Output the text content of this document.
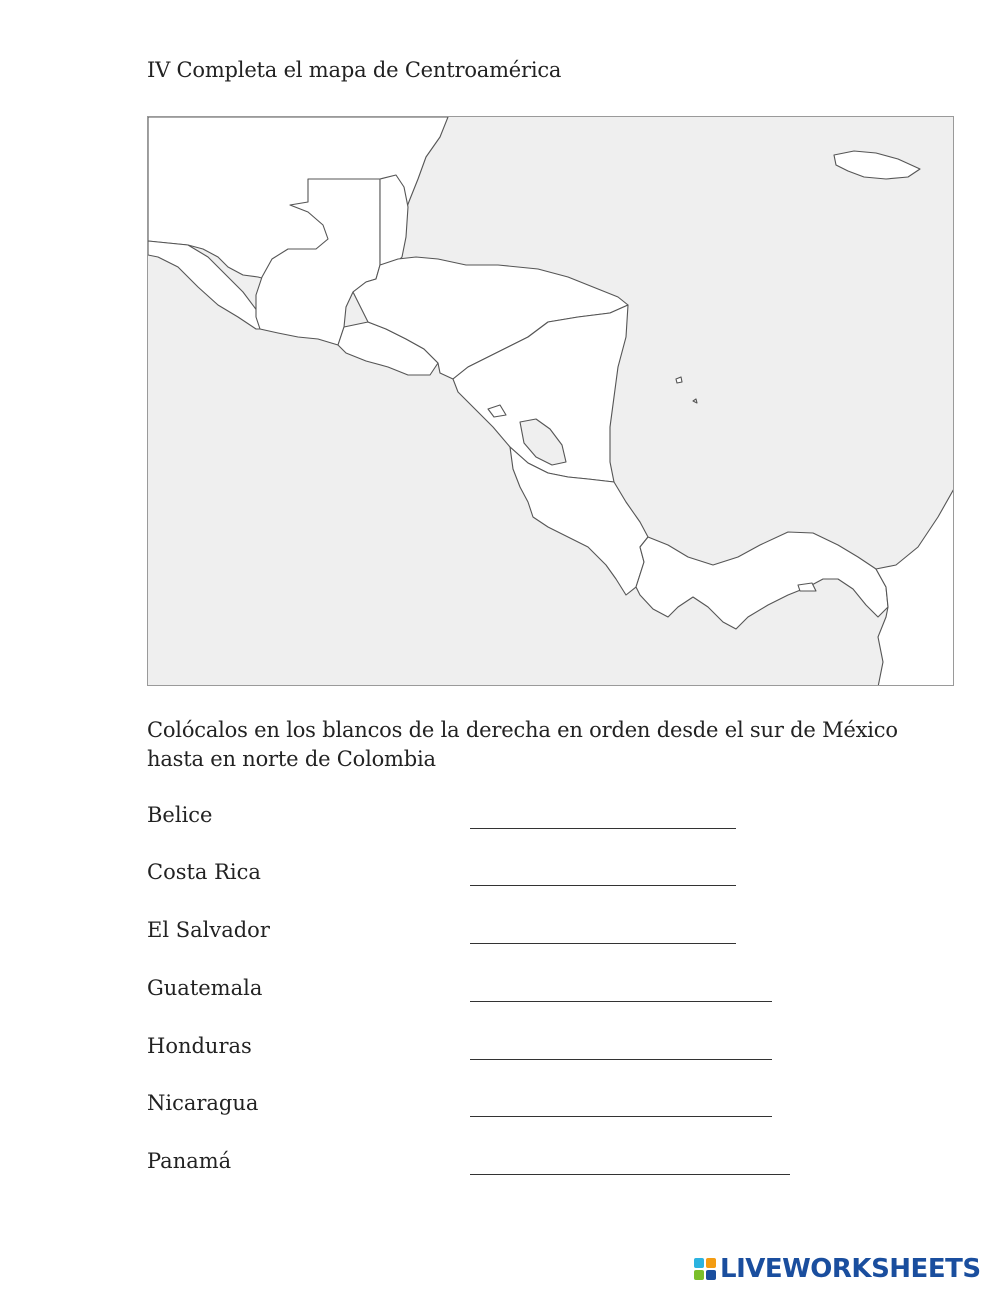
IV Completa el mapa de Centroamérica
Colócalos en los blancos de la derecha en orden desde el sur de México hasta en norte de Colombia
Belice
Costa Rica
El Salvador
Guatemala
Honduras
Nicaragua
Panamá
LIVEWORKSHEETS
